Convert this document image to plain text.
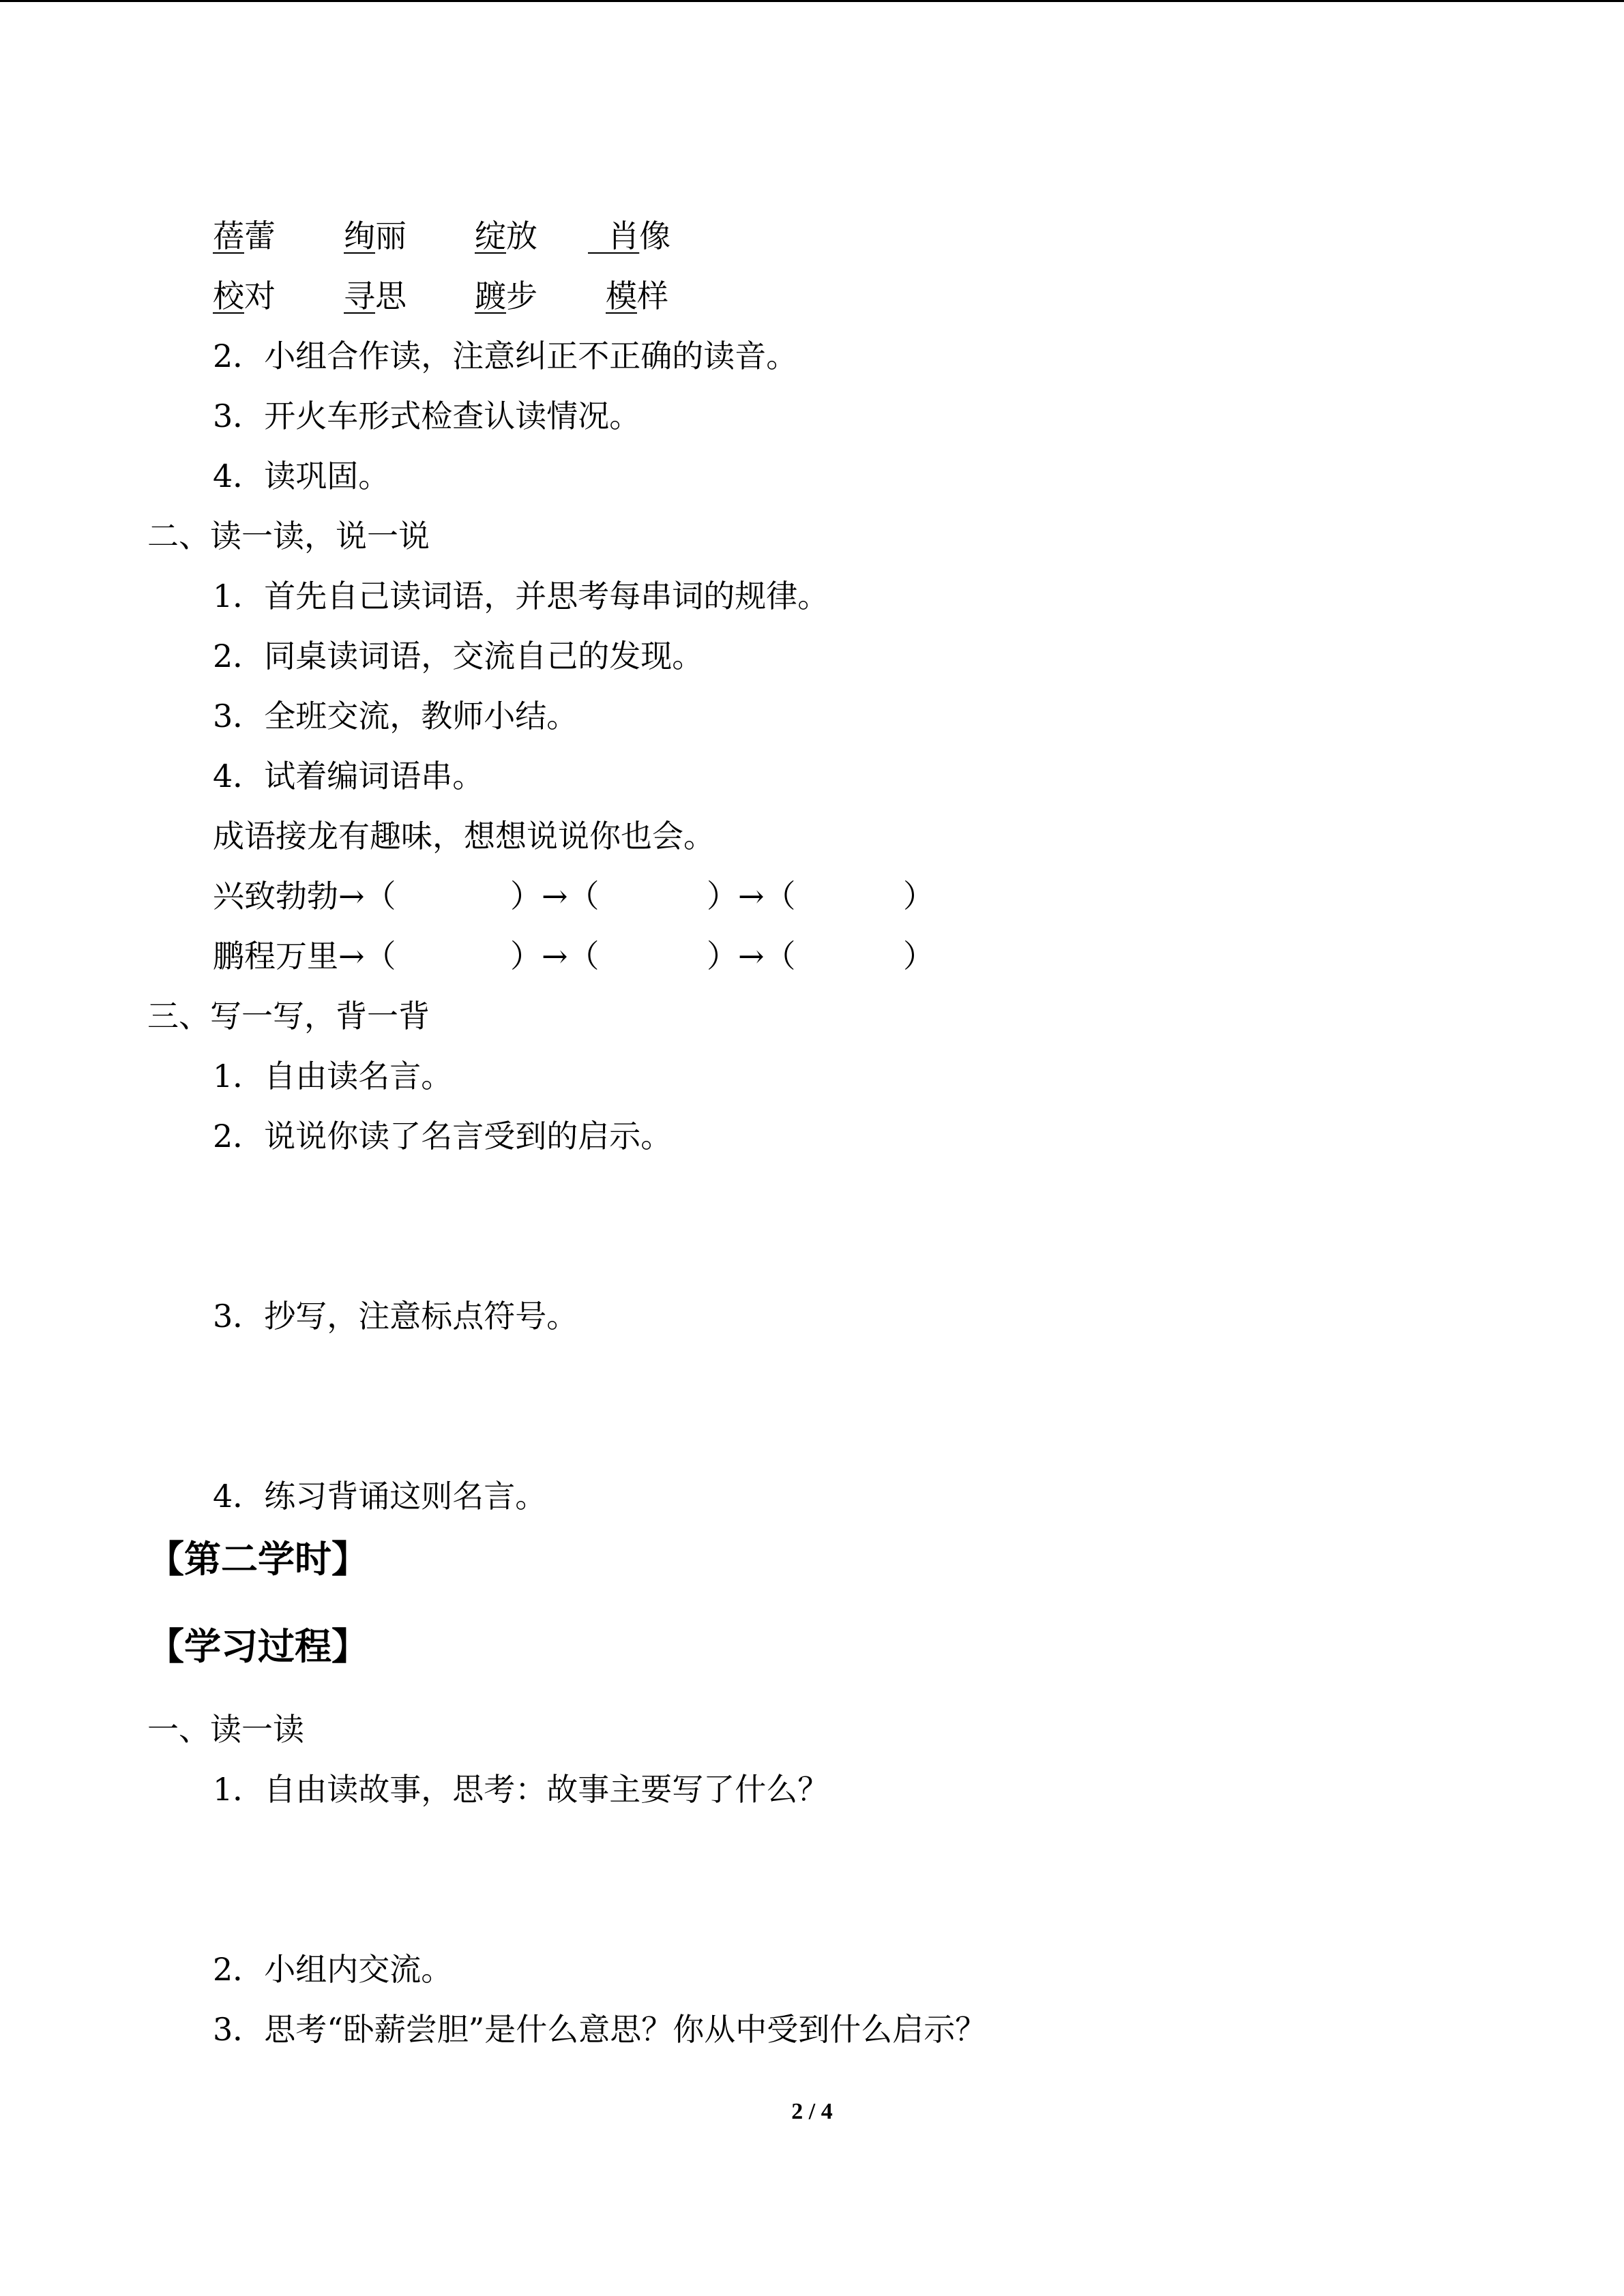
蓓蕾 绚丽 绽放 肖像
校对 寻思 踱步 模样
2．小组合作读，注意纠正不正确的读音。
3．开火车形式检查认读情况。
4．读巩固。
二、读一读，说一说
1．首先自己读词语，并思考每串词的规律。
2．同桌读词语，交流自己的发现。
3．全班交流，教师小结。
4．试着编词语串。
成语接龙有趣味，想想说说你也会。
兴致勃勃→（	）→（	）→（	）
鹏程万里→（	）→（	）→（	）
三、写一写，背一背
1．自由读名言。
2．说说你读了名言受到的启示。
3．抄写，注意标点符号。
4．练习背诵这则名言。
【第二学时】
【学习过程】
一、读一读
1．自由读故事，思考：故事主要写了什么？
2．小组内交流。
3．思考“卧薪尝胆”是什么意思？你从中受到什么启示？
2 / 4
